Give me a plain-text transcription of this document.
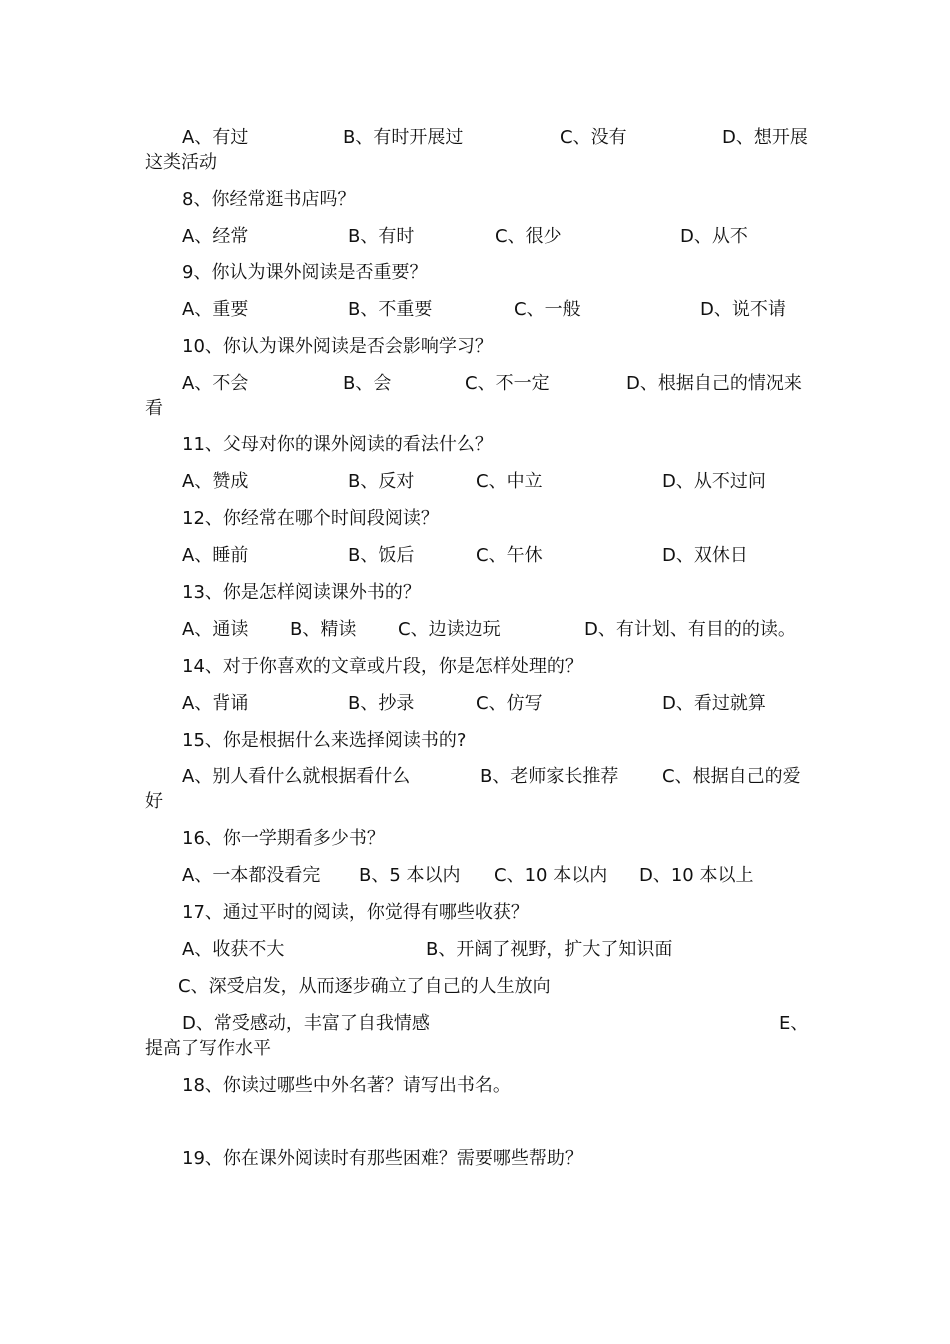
A、有过	B、有时开展过	C、没有	D、想开展
这类活动
8、你经常逛书店吗？
A、经常	B、有时	C、很少	D、从不
9、你认为课外阅读是否重要？
A、重要	B、不重要	C、一般	D、说不请
10、你认为课外阅读是否会影响学习？
A、不会	B、会	C、不一定	D、根据自己的情况来
看
11、父母对你的课外阅读的看法什么？
A、赞成	B、反对	C、中立	D、从不过问
12、你经常在哪个时间段阅读？
A、睡前	B、饭后	C、午休	D、双休日
13、你是怎样阅读课外书的？
A、通读 B、精读 C、边读边玩	D、有计划、有目的的读。
14、对于你喜欢的文章或片段，你是怎样处理的？
A、背诵	B、抄录	C、仿写	D、看过就算
15、你是根据什么来选择阅读书的?
A、别人看什么就根据看什么	B、老师家长推荐 C、根据自己的爱
好
16、你一学期看多少书？
A、一本都没看完 B、5 本以内 C、10 本以内 D、10 本以上
17、通过平时的阅读，你觉得有哪些收获？
A、收获不大	B、开阔了视野，扩大了知识面
C、深受启发，从而逐步确立了自己的人生放向
D、常受感动，丰富了自我情感	E、
提高了写作水平
18、你读过哪些中外名著？请写出书名。
19、你在课外阅读时有那些困难？需要哪些帮助？
